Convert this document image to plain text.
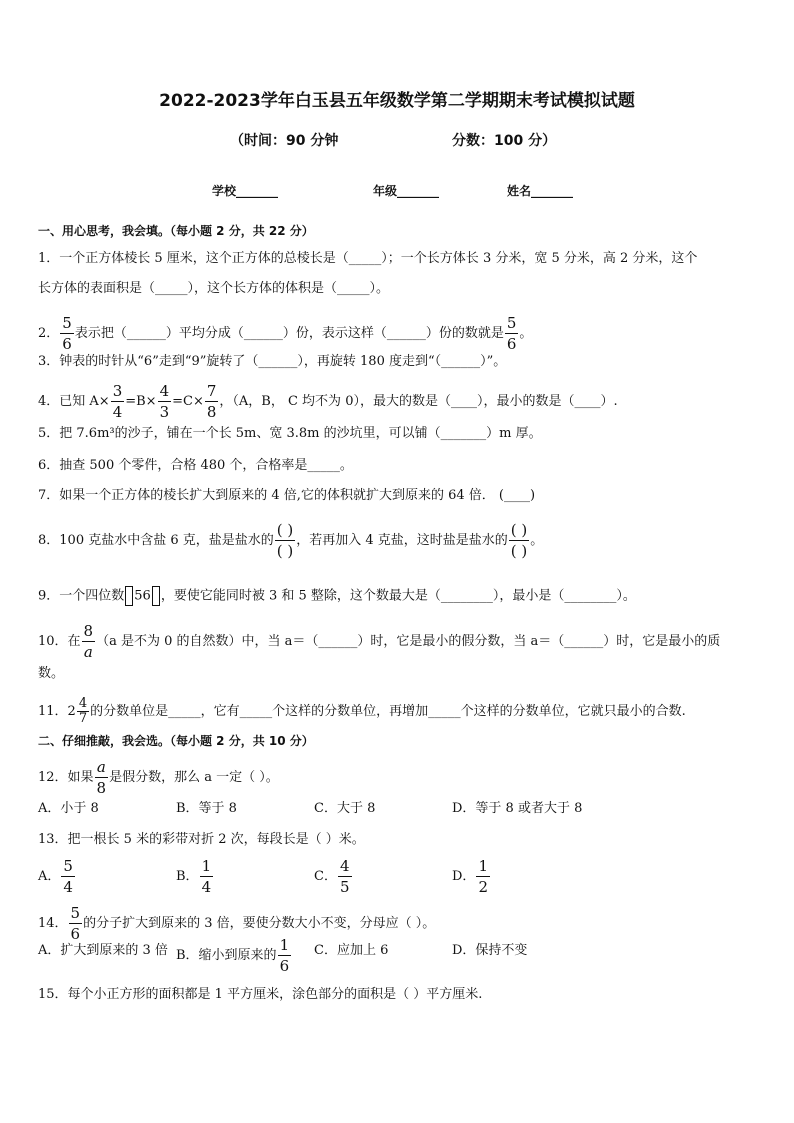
2022-2023学年白玉县五年级数学第二学期期末考试模拟试题
（时间：90 分钟	分数：100 分）
学校_______	年级_______	姓名_______
一、用心思考，我会填。（每小题 2 分，共 22 分）
1．一个正方体棱长 5 厘米，这个正方体的总棱长是（_____）；一个长方体长 3 分米，宽 5 分米，高 2 分米，这个
长方体的表面积是（_____），这个长方体的体积是（_____）。
2． $\frac{5}{6}$ 表示把（______）平均分成（______）份，表示这样（______）份的数就是 $\frac{5}{6}$ 。
3．钟表的时针从“6”走到“9”旋转了（______），再旋转 180 度走到“（______）”。
4．已知 $A\times \frac{3}{4} =B\times \frac{4}{3} =C\times \frac{7}{8}$ ，（A，B， C 均不为 0），最大的数是（____），最小的数是（____）.
5．把 7.6m³的沙子，铺在一个长 5m、宽 3.8m 的沙坑里，可以铺（_______）m 厚。
6．抽查 500 个零件，合格 480 个，合格率是_____。
7．如果一个正方体的棱长扩大到原来的 4 倍,它的体积就扩大到原来的 64 倍． (____)
8．100 克盐水中含盐 6 克，盐是盐水的 $\frac{( )}{( )}$ ，若再加入 4 克盐，这时盐是盐水的 $\frac{( )}{( )}$ 。
9．一个四位数 56 ，要使它能同时被 3 和 5 整除，这个数最大是（________），最小是（________）。
10．在 $\frac{8}{a} (a$ 是不为 0 的自然数）中，当 a＝（______）时，它是最小的假分数，当 a＝（______）时，它是最小的质
数。
11．$2 \frac{4}{7}$ 的分数单位是_____，它有_____个这样的分数单位，再增加_____个这样的分数单位，它就只最小的合数.
二、仔细推敲，我会选。（每小题 2 分，共 10 分）
12．如果 $\frac{a}{8}$ 是假分数，那么 a 一定（ ）。
A．小于 8	B．等于 8	C．大于 8	D．等于 8 或者大于 8
13．把一根长 5 米的彩带对折 2 次，每段长是（ ）米。
A． $\frac{5}{4}$	B． $\frac{1}{4}$	C． $\frac{4}{5}$	D． $\frac{1}{2}$
14． $\frac{5}{6}$ 的分子扩大到原来的 3 倍，要使分数大小不变，分母应（ ）。
A．扩大到原来的 3 倍 B．缩小到原来的 $\frac{1}{6}$ C．应加上 6	D．保持不变
15．每个小正方形的面积都是 1 平方厘米，涂色部分的面积是（ ）平方厘米.
